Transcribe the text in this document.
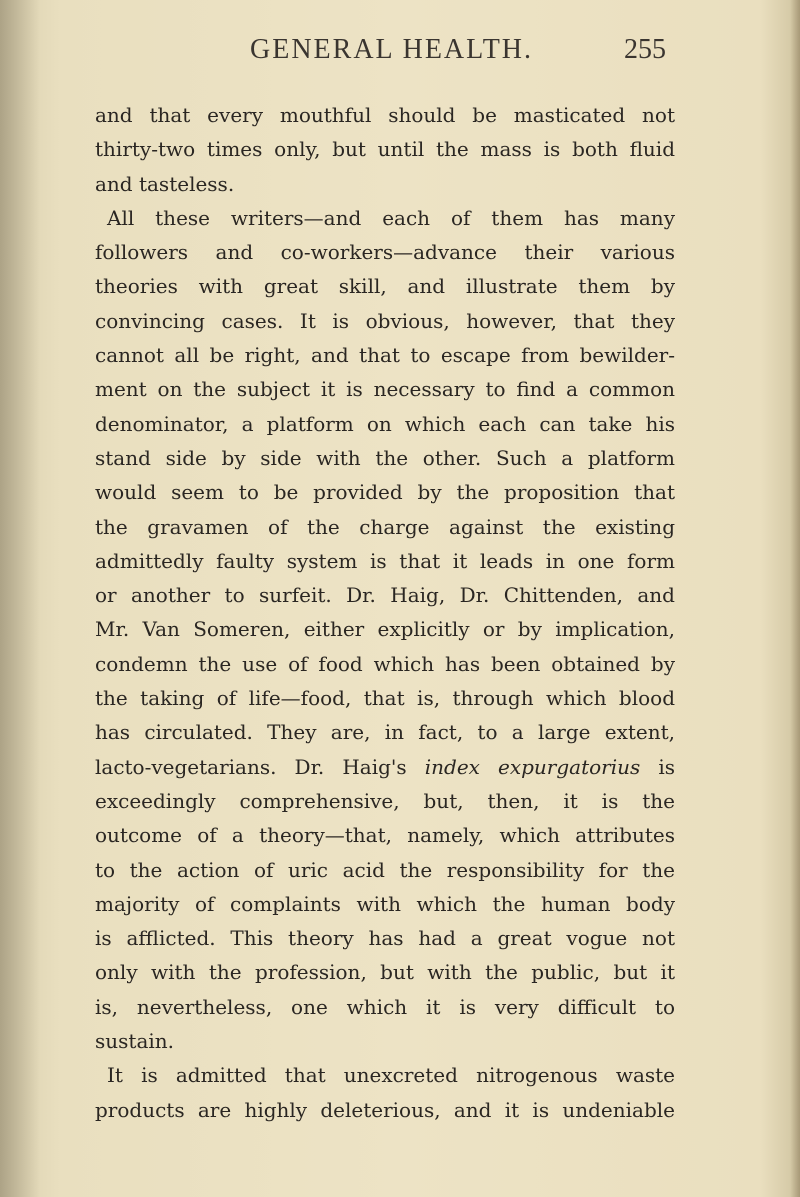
GENERAL HEALTH.	255
and that every mouthful should be masticated not
thirty-two times only, but until the mass is both fluid
and tasteless.
All these writers—and each of them has many
followers and co-workers—advance their various
theories with great skill, and illustrate them by
convincing cases. It is obvious, however, that they
cannot all be right, and that to escape from bewilder-
ment on the subject it is necessary to find a common
denominator, a platform on which each can take his
stand side by side with the other. Such a platform
would seem to be provided by the proposition that
the gravamen of the charge against the existing
admittedly faulty system is that it leads in one form
or another to surfeit. Dr. Haig, Dr. Chittenden, and
Mr. Van Someren, either explicitly or by implication,
condemn the use of food which has been obtained by
the taking of life—food, that is, through which blood
has circulated. They are, in fact, to a large extent,
lacto-vegetarians. Dr. Haig's index expurgatorius is
exceedingly comprehensive, but, then, it is the
outcome of a theory—that, namely, which attributes
to the action of uric acid the responsibility for the
majority of complaints with which the human body
is afflicted. This theory has had a great vogue not
only with the profession, but with the public, but it
is, nevertheless, one which it is very difficult to
sustain.
It is admitted that unexcreted nitrogenous waste
products are highly deleterious, and it is undeniable
